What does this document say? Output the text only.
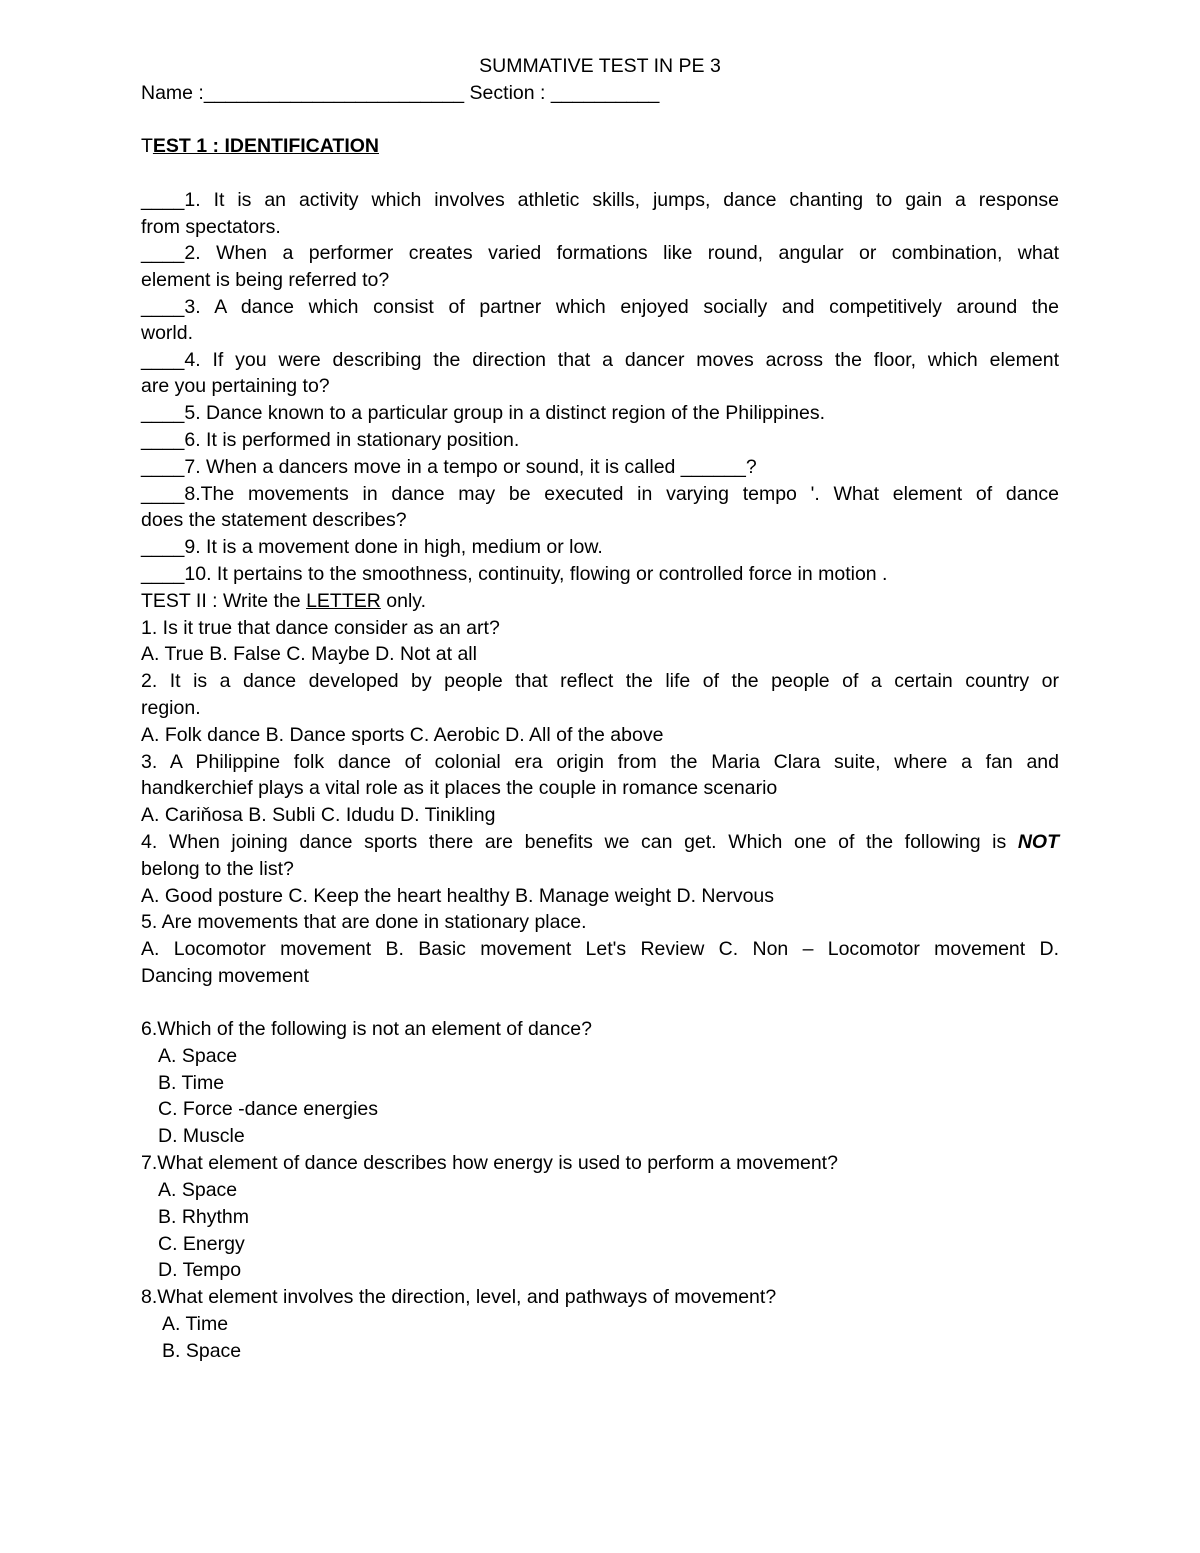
SUMMATIVE TEST IN PE 3
Name :________________________ Section : __________
TEST 1 : IDENTIFICATION
____1. It is an activity which involves athletic skills, jumps, dance chanting to gain a response
from spectators.
____2. When a performer creates varied formations like round, angular or combination, what
element is being referred to?
____3. A dance which consist of partner which enjoyed socially and competitively around the
world.
____4. If you were describing the direction that a dancer moves across the floor, which element
are you pertaining to?
____5. Dance known to a particular group in a distinct region of the Philippines.
____6. It is performed in stationary position.
____7. When a dancers move in a tempo or sound, it is called ______?
____8.The movements in dance may be executed in varying tempo '. What element of dance
does the statement describes?
____9. It is a movement done in high, medium or low.
____10. It pertains to the smoothness, continuity, flowing or controlled force in motion .
TEST II : Write the LETTER only.
1. Is it true that dance consider as an art?
A. True B. False C. Maybe D. Not at all
2. It is a dance developed by people that reflect the life of the people of a certain country or
region.
A. Folk dance B. Dance sports C. Aerobic D. All of the above
3. A Philippine folk dance of colonial era origin from the Maria Clara suite, where a fan and
handkerchief plays a vital role as it places the couple in romance scenario
A. Cariňosa B. Subli C. Idudu D. Tinikling
4. When joining dance sports there are benefits we can get. Which one of the following is NOT
belong to the list?
A. Good posture C. Keep the heart healthy B. Manage weight D. Nervous
5. Are movements that are done in stationary place.
A. Locomotor movement B. Basic movement Let's Review C. Non – Locomotor movement D.
Dancing movement
6.Which of the following is not an element of dance?
A. Space
B. Time
C. Force -dance energies
D. Muscle
7.What element of dance describes how energy is used to perform a movement?
A. Space
B. Rhythm
C. Energy
D. Tempo
8.What element involves the direction, level, and pathways of movement?
A. Time
B. Space
